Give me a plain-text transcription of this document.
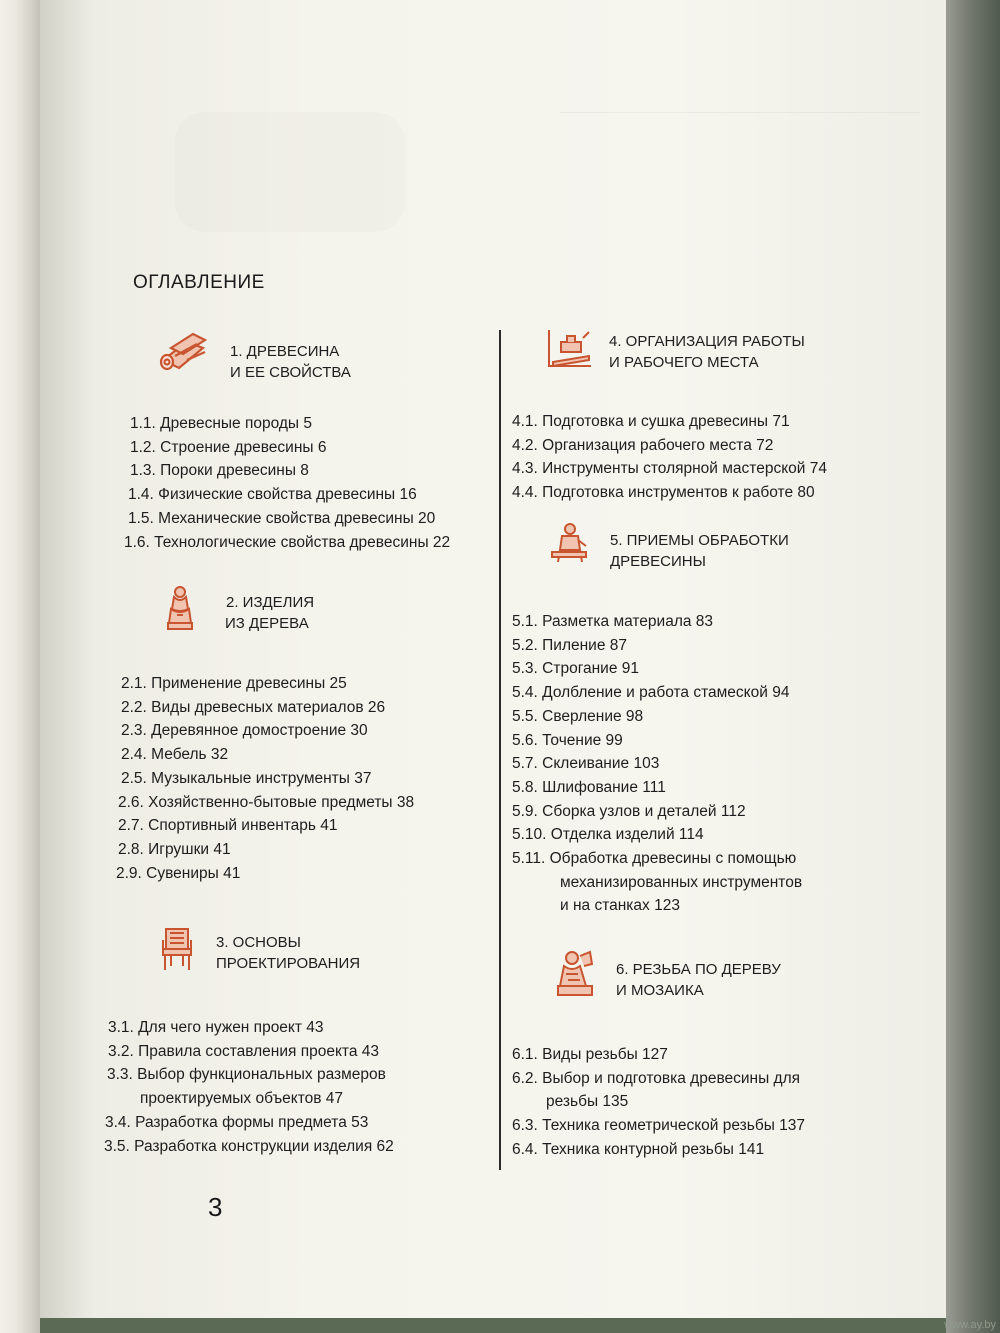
ОГЛАВЛЕНИЕ
1. ДРЕВЕСИНА
И ЕЕ СВОЙСТВА
1.1. Древесные породы 5
1.2. Строение древесины 6
1.3. Пороки древесины 8
1.4. Физические свойства древесины 16
1.5. Механические свойства древесины 20
1.6. Технологические свойства древесины 22
2. ИЗДЕЛИЯ
ИЗ ДЕРЕВА
2.1. Применение древесины 25
2.2. Виды древесных материалов 26
2.3. Деревянное домостроение 30
2.4. Мебель 32
2.5. Музыкальные инструменты 37
2.6. Хозяйственно-бытовые предметы 38
2.7. Спортивный инвентарь 41
2.8. Игрушки 41
2.9. Сувениры 41
3. ОСНОВЫ
ПРОЕКТИРОВАНИЯ
3.1. Для чего нужен проект 43
3.2. Правила составления проекта 43
3.3. Выбор функциональных размеров
проектируемых объектов 47
3.4. Разработка формы предмета 53
3.5. Разработка конструкции изделия 62
4. ОРГАНИЗАЦИЯ РАБОТЫ
И РАБОЧЕГО МЕСТА
4.1. Подготовка и сушка древесины 71
4.2. Организация рабочего места 72
4.3. Инструменты столярной мастерской 74
4.4. Подготовка инструментов к работе 80
5. ПРИЕМЫ ОБРАБОТКИ
ДРЕВЕСИНЫ
5.1. Разметка материала 83
5.2. Пиление 87
5.3. Строгание 91
5.4. Долбление и работа стамеской 94
5.5. Сверление 98
5.6. Точение 99
5.7. Склеивание 103
5.8. Шлифование 111
5.9. Сборка узлов и деталей 112
5.10. Отделка изделий 114
5.11. Обработка древесины с помощью
механизированных инструментов
и на станках 123
6. РЕЗЬБА ПО ДЕРЕВУ
И МОЗАИКА
6.1. Виды резьбы 127
6.2. Выбор и подготовка древесины для
резьбы 135
6.3. Техника геометрической резьбы 137
6.4. Техника контурной резьбы 141
3
www.ay.by
